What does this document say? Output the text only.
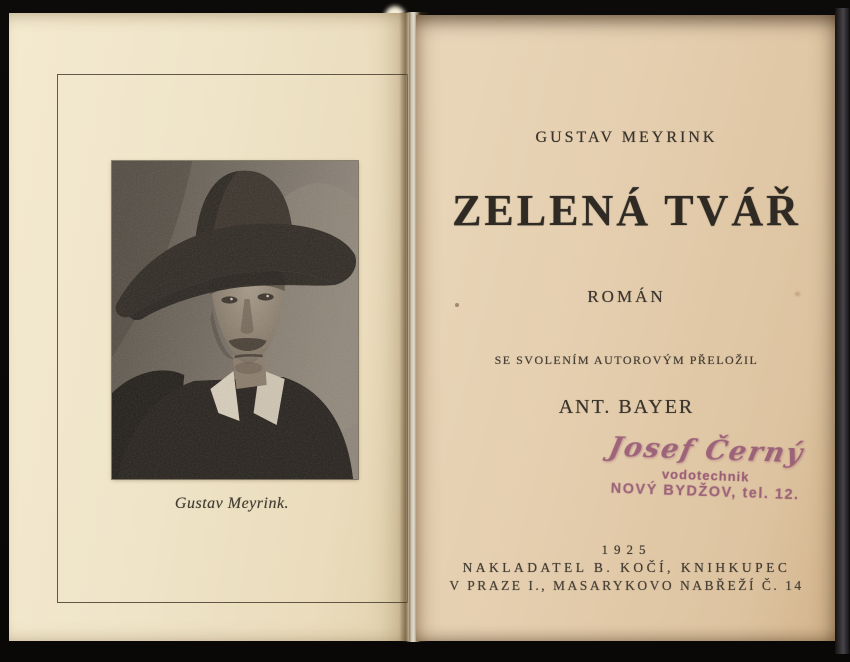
Gustav Meyrink.
GUSTAV MEYRINK
ZELENÁ TVÁŘ
ROMÁN
SE SVOLENÍM AUTOROVÝM PŘELOŽIL
ANT. BAYER
Josef Černý
vodotechnik
NOVÝ BYDŽOV, tel. 12.
1925
NAKLADATEL B. KOČÍ, KNIHKUPEC
V PRAZE I., MASARYKOVO NABŘEŽÍ Č. 14
